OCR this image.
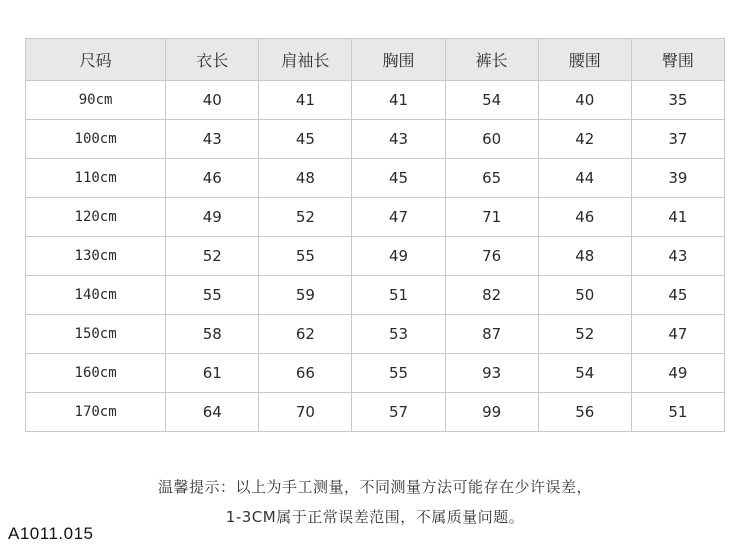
尺码	衣长	肩袖长	胸围	裤长	腰围	臀围
90cm	40	41	41	54	40	35
100cm	43	45	43	60	42	37
110cm	46	48	45	65	44	39
120cm	49	52	47	71	46	41
130cm	52	55	49	76	48	43
140cm	55	59	51	82	50	45
150cm	58	62	53	87	52	47
160cm	61	66	55	93	54	49
170cm	64	70	57	99	56	51
温馨提示：以上为手工测量，不同测量方法可能存在少许误差，
1-3CM属于正常误差范围，不属质量问题。
A1011.015
